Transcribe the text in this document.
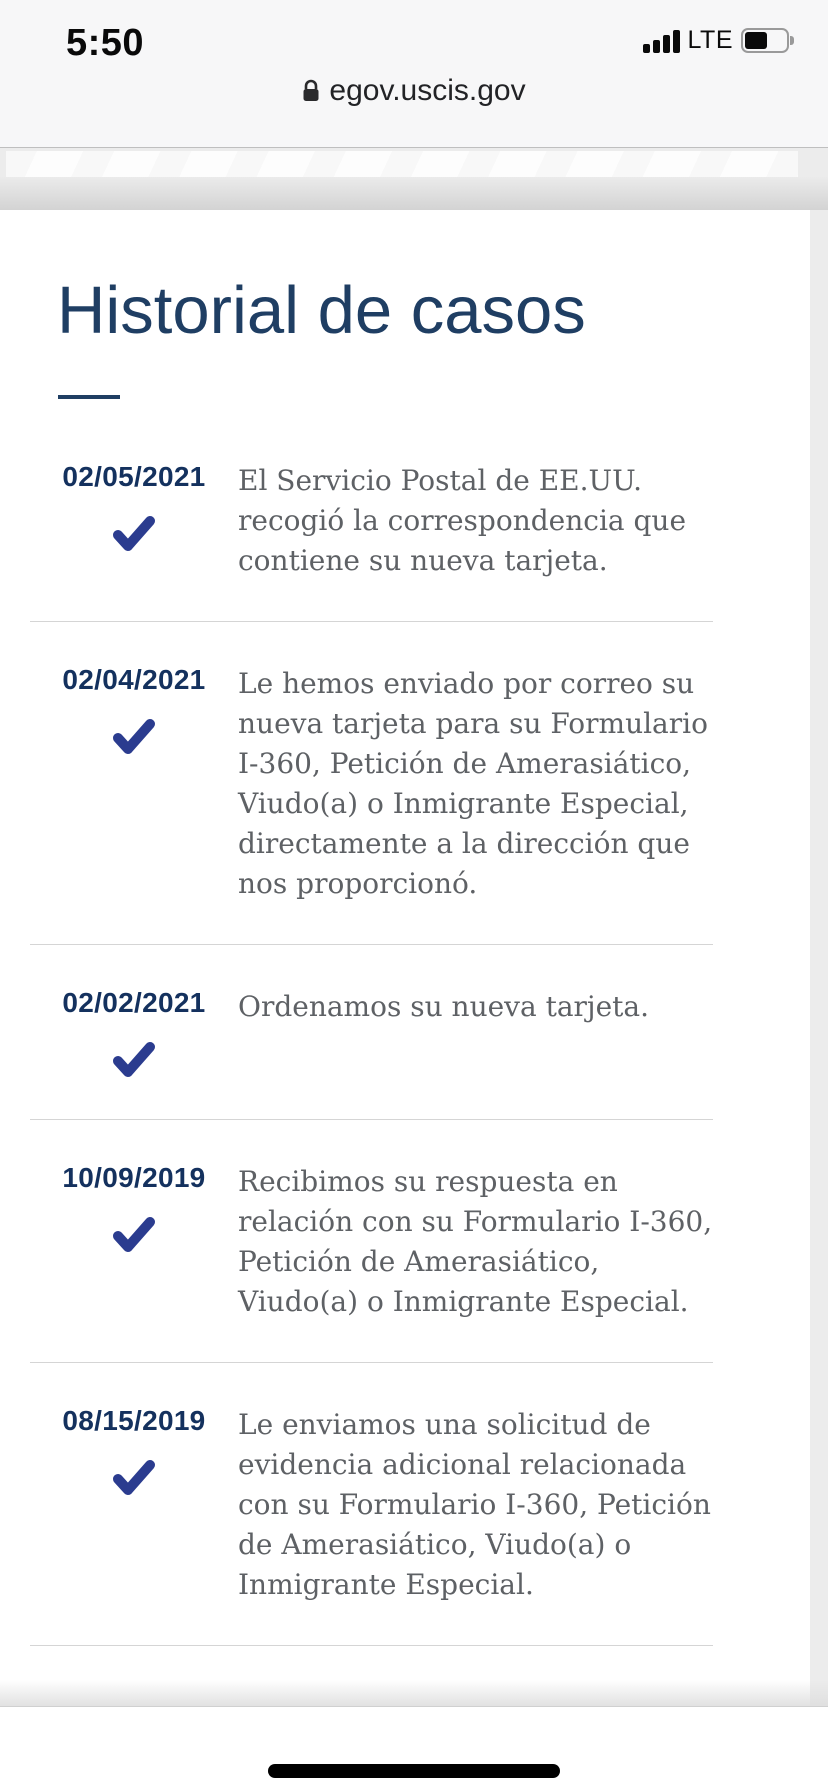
5:50	LTE
egov.uscis.gov
Historial de casos
02/05/2021 El Servicio Postal de EE.UU. recogió la correspondencia que contiene su nueva tarjeta.

02/04/2021 Le hemos enviado por correo su nueva tarjeta para su Formulario I-360, Petición de Amerasiático, Viudo(a) o Inmigrante Especial, directamente a la dirección que nos proporcionó.

02/02/2021 Ordenamos su nueva tarjeta.

10/09/2019 Recibimos su respuesta en relación con su Formulario I-360, Petición de Amerasiático, Viudo(a) o Inmigrante Especial.

08/15/2019 Le enviamos una solicitud de evidencia adicional relacionada con su Formulario I-360, Petición de Amerasiático, Viudo(a) o Inmigrante Especial.
